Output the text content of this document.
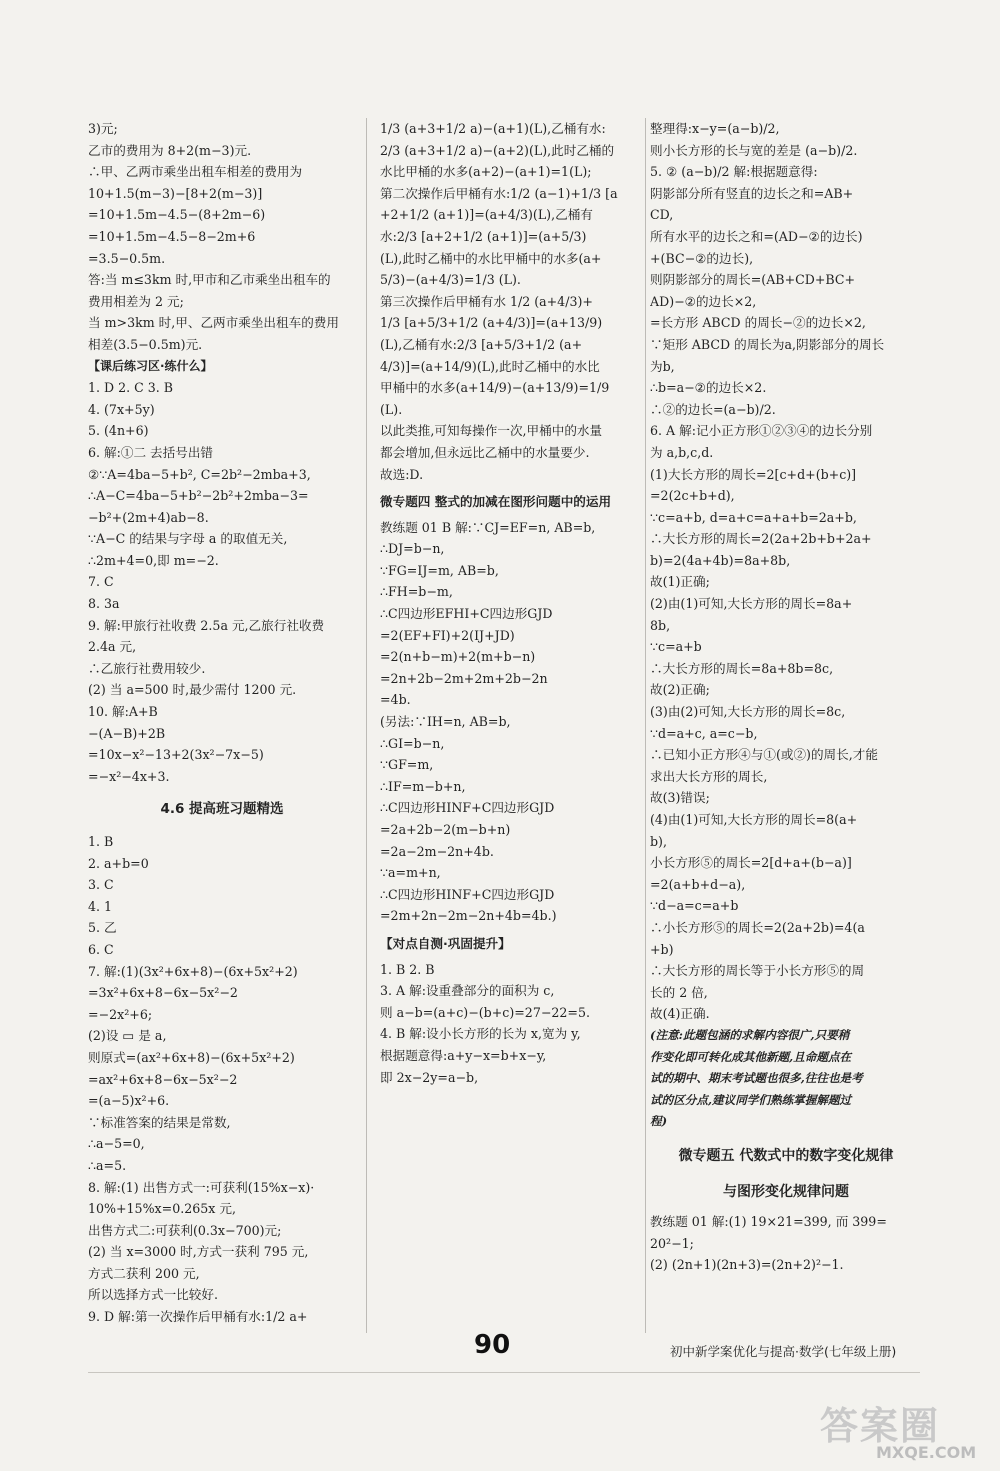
3)元;
乙市的费用为 8+2(m−3)元.
∴甲、乙两市乘坐出租车相差的费用为
10+1.5(m−3)−[8+2(m−3)]
=10+1.5m−4.5−(8+2m−6)
=10+1.5m−4.5−8−2m+6
=3.5−0.5m.
答:当 m≤3km 时,甲市和乙市乘坐出租车的
费用相差为 2 元;
当 m>3km 时,甲、乙两市乘坐出租车的费用
相差(3.5−0.5m)元.
【课后练习区·练什么】
1. D 2. C 3. B
4. (7x+5y)
5. (4n+6)
6. 解:①二 去括号出错
②∵A=4ba−5+b², C=2b²−2mba+3,
∴A−C=4ba−5+b²−2b²+2mba−3=
−b²+(2m+4)ab−8.
∵A−C 的结果与字母 a 的取值无关,
∴2m+4=0,即 m=−2.
7. C
8. 3a
9. 解:甲旅行社收费 2.5a 元,乙旅行社收费
2.4a 元,
∴乙旅行社费用较少.
(2) 当 a=500 时,最少需付 1200 元.
10. 解:A+B
−(A−B)+2B
=10x−x²−13+2(3x²−7x−5)
=−x²−4x+3.
4.6 提高班习题精选
1. B
2. a+b=0
3. C
4. 1
5. 乙
6. C
7. 解:(1)(3x²+6x+8)−(6x+5x²+2)
=3x²+6x+8−6x−5x²−2
=−2x²+6;
(2)设 ▭ 是 a,
则原式=(ax²+6x+8)−(6x+5x²+2)
=ax²+6x+8−6x−5x²−2
=(a−5)x²+6.
∵标准答案的结果是常数,
∴a−5=0,
∴a=5.
8. 解:(1) 出售方式一:可获利(15%x−x)·
10%+15%x=0.265x 元,
出售方式二:可获利(0.3x−700)元;
(2) 当 x=3000 时,方式一获利 795 元,
方式二获利 200 元,
所以选择方式一比较好.
9. D 解:第一次操作后甲桶有水:1/2 a+
1/3 (a+3+1/2 a)−(a+1)(L),乙桶有水:
2/3 (a+3+1/2 a)−(a+2)(L),此时乙桶的
水比甲桶的水多(a+2)−(a+1)=1(L);
第二次操作后甲桶有水:1/2 (a−1)+1/3 [a
+2+1/2 (a+1)]=(a+4/3)(L),乙桶有
水:2/3 [a+2+1/2 (a+1)]=(a+5/3)
(L),此时乙桶中的水比甲桶中的水多(a+
5/3)−(a+4/3)=1/3 (L).
第三次操作后甲桶有水 1/2 (a+4/3)+
1/3 [a+5/3+1/2 (a+4/3)]=(a+13/9)
(L),乙桶有水:2/3 [a+5/3+1/2 (a+
4/3)]=(a+14/9)(L),此时乙桶中的水比
甲桶中的水多(a+14/9)−(a+13/9)=1/9
(L).
以此类推,可知每操作一次,甲桶中的水量
都会增加,但永远比乙桶中的水量要少.
故选:D.
微专题四 整式的加减在图形问题中的运用
教练题 01 B 解:∵CJ=EF=n, AB=b,
∴DJ=b−n,
∵FG=IJ=m, AB=b,
∴FH=b−m,
∴C四边形EFHI+C四边形GJD
=2(EF+FI)+2(IJ+JD)
=2(n+b−m)+2(m+b−n)
=2n+2b−2m+2m+2b−2n
=4b.
(另法:∵IH=n, AB=b,
∴GI=b−n,
∵GF=m,
∴IF=m−b+n,
∴C四边形HINF+C四边形GJD
=2a+2b−2(m−b+n)
=2a−2m−2n+4b.
∵a=m+n,
∴C四边形HINF+C四边形GJD
=2m+2n−2m−2n+4b=4b.)
【对点自测·巩固提升】
1. B 2. B
3. A 解:设重叠部分的面积为 c,
则 a−b=(a+c)−(b+c)=27−22=5.
4. B 解:设小长方形的长为 x,宽为 y,
根据题意得:a+y−x=b+x−y,
即 2x−2y=a−b,
整理得:x−y=(a−b)/2,
则小长方形的长与宽的差是 (a−b)/2.
5. ② (a−b)/2 解:根据题意得:
阴影部分所有竖直的边长之和=AB+
CD,
所有水平的边长之和=(AD−②的边长)
+(BC−②的边长),
则阴影部分的周长=(AB+CD+BC+
AD)−②的边长×2,
=长方形 ABCD 的周长−②的边长×2,
∵矩形 ABCD 的周长为a,阴影部分的周长
为b,
∴b=a−②的边长×2.
∴②的边长=(a−b)/2.
6. A 解:记小正方形①②③④的边长分别
为 a,b,c,d.
(1)大长方形的周长=2[c+d+(b+c)]
=2(2c+b+d),
∵c=a+b, d=a+c=a+a+b=2a+b,
∴大长方形的周长=2(2a+2b+b+2a+
b)=2(4a+4b)=8a+8b,
故(1)正确;
(2)由(1)可知,大长方形的周长=8a+
8b,
∵c=a+b
∴大长方形的周长=8a+8b=8c,
故(2)正确;
(3)由(2)可知,大长方形的周长=8c,
∵d=a+c, a=c−b,
∴已知小正方形④与①(或②)的周长,才能
求出大长方形的周长,
故(3)错误;
(4)由(1)可知,大长方形的周长=8(a+
b),
小长方形⑤的周长=2[d+a+(b−a)]
=2(a+b+d−a),
∵d−a=c=a+b
∴小长方形⑤的周长=2(2a+2b)=4(a
+b)
∴大长方形的周长等于小长方形⑤的周
长的 2 倍,
故(4)正确.
(注意:此题包涵的求解内容很广,只要稍
作变化即可转化成其他新题,且命题点在
试的期中、期末考试题也很多,往往也是考
试的区分点,建议同学们熟练掌握解题过
程)
微专题五 代数式中的数字变化规律
与图形变化规律问题
教练题 01 解:(1) 19×21=399, 而 399=
20²−1;
(2) (2n+1)(2n+3)=(2n+2)²−1.
90	初中新学案优化与提高·数学(七年级上册)
答案圈
MXQE.COM
